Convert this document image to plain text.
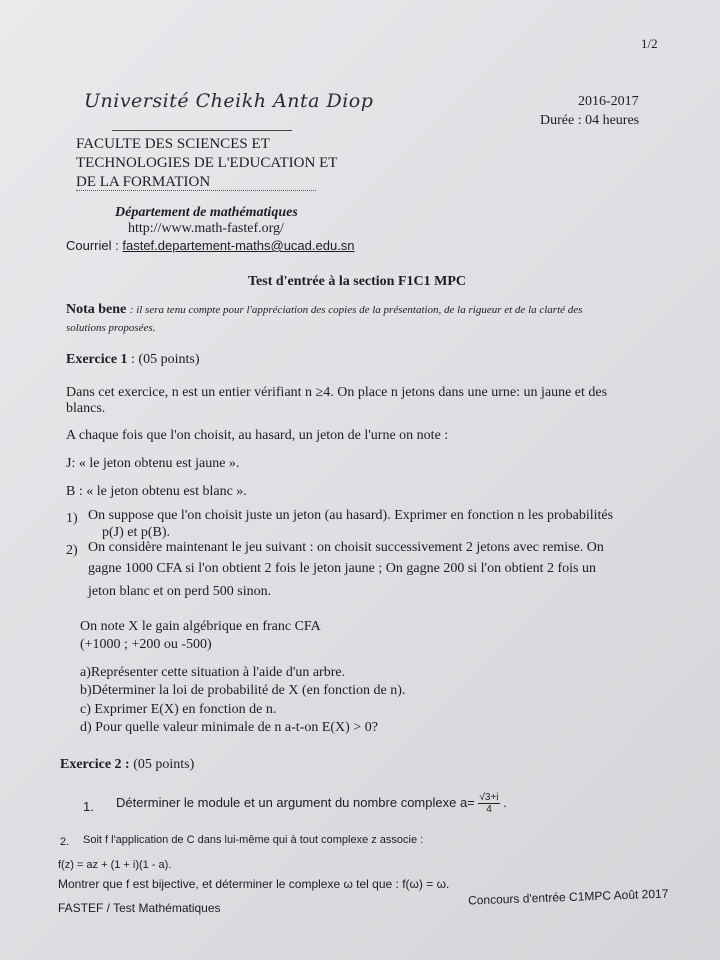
1/2
Université Cheikh Anta Diop	2016-2017
Durée : 04 heures
FACULTE DES SCIENCES ET
TECHNOLOGIES DE L'EDUCATION ET
DE LA FORMATION
Département de mathématiques
http://www.math-fastef.org/
Courriel : fastef.departement-maths@ucad.edu.sn
Test d'entrée à la section F1C1 MPC
Nota bene : il sera tenu compte pour l'appréciation des copies de la présentation, de la rigueur et de la clarté des
solutions proposées.
Exercice 1 : (05 points)
Dans cet exercice, n est un entier vérifiant n ≥4. On place n jetons dans une urne: un jaune et des
blancs.
A chaque fois que l'on choisit, au hasard, un jeton de l'urne on note :
J: « le jeton obtenu est jaune ».
B : « le jeton obtenu est blanc ».
1) On suppose que l'on choisit juste un jeton (au hasard). Exprimer en fonction n les probabilités
p(J) et p(B).
2) On considère maintenant le jeu suivant : on choisit successivement 2 jetons avec remise. On
gagne 1000 CFA si l'on obtient 2 fois le jeton jaune ; On gagne 200 si l'on obtient 2 fois un
jeton blanc et on perd 500 sinon.
On note X le gain algébrique en franc CFA
(+1000 ; +200 ou -500)
a)Représenter cette situation à l'aide d'un arbre.
b)Déterminer la loi de probabilité de X (en fonction de n).
c) Exprimer E(X) en fonction de n.
d) Pour quelle valeur minimale de n a-t-on E(X) > 0?
Exercice 2 : (05 points)
1. Déterminer le module et un argument du nombre complexe $a= \frac{√3+i}{4}$ .
2. Soit f l'application de C dans lui-même qui à tout complexe z associe :
f(z) = az + (1 + i)(1 - a).
Montrer que f est bijective, et déterminer le complexe ω tel que : f(ω) = ω.
FASTEF / Test Mathématiques
Concours d'entrée C1MPC Août 2017
